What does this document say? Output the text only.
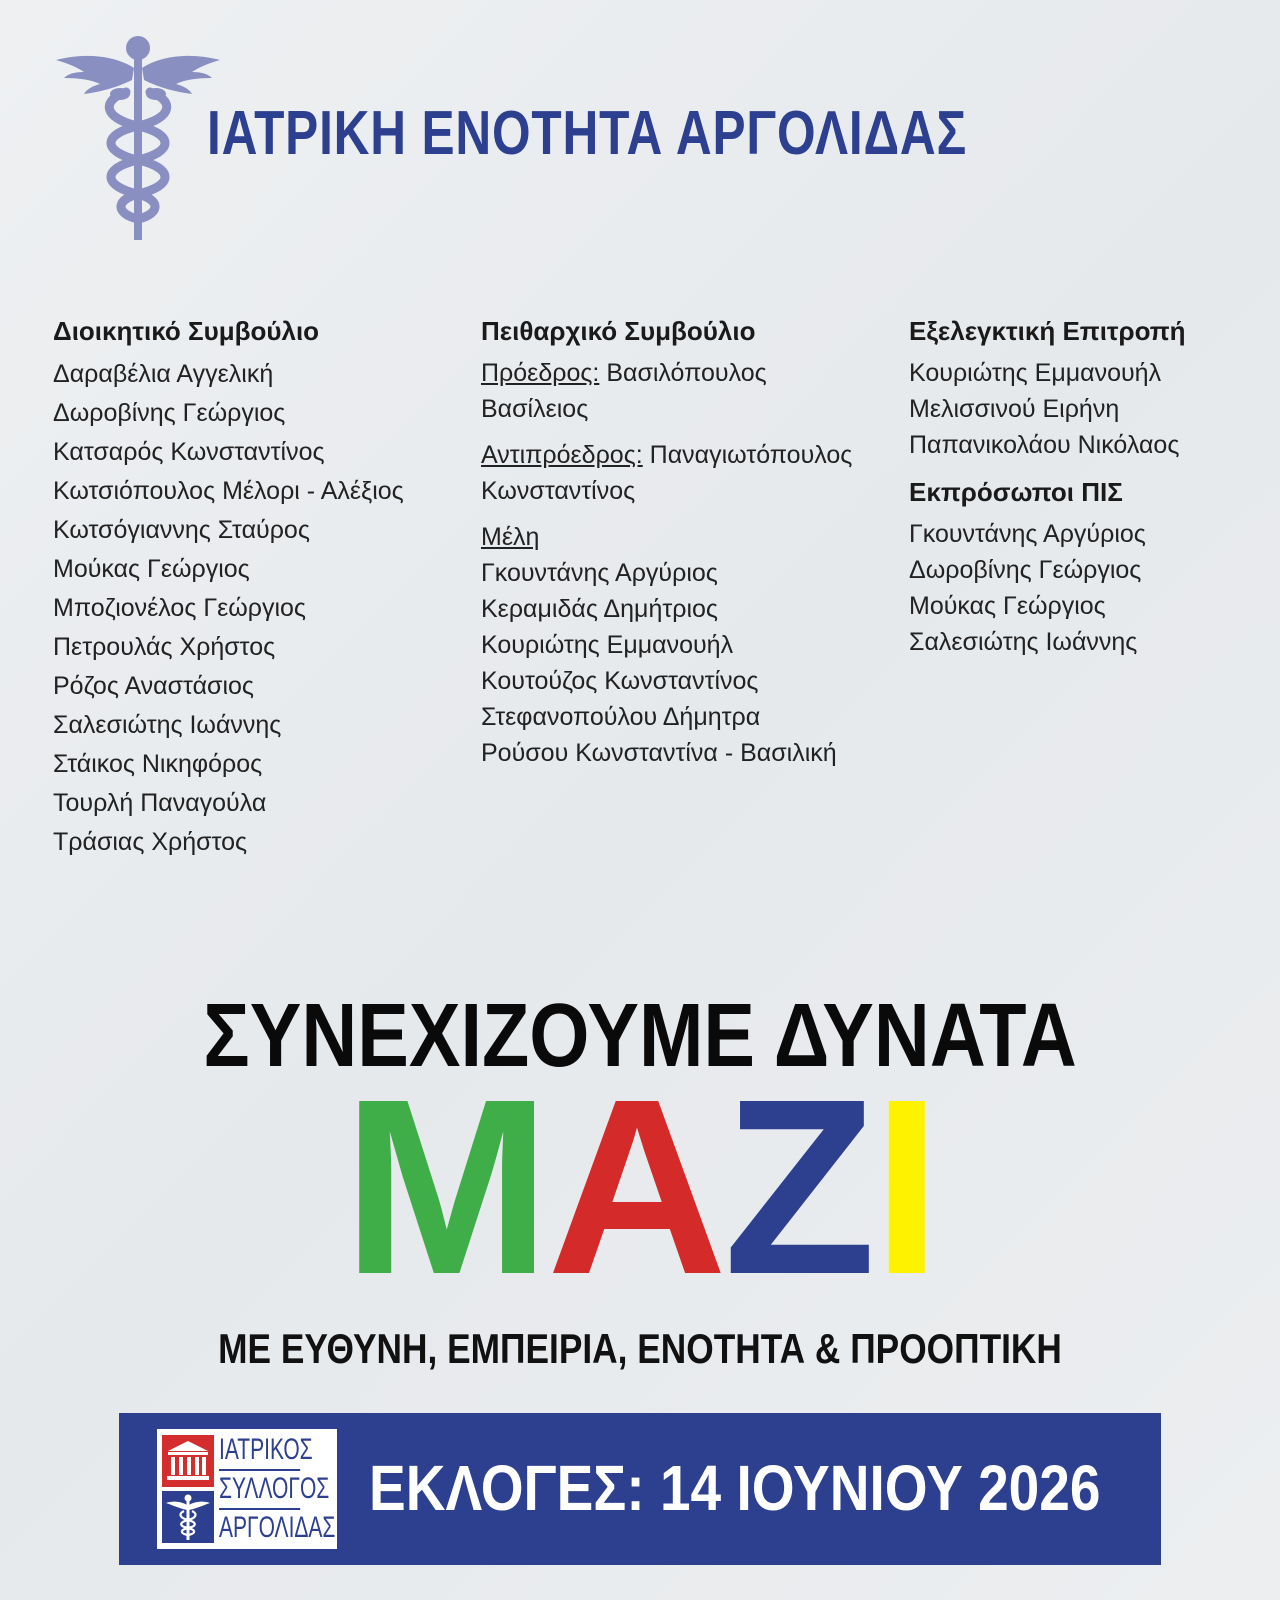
ΙΑΤΡΙΚΗ ΕΝΟΤΗΤΑ ΑΡΓΟΛΙΔΑΣ
Διοικητικό Συμβούλιο
Δαραβέλια Αγγελική
Δωροβίνης Γεώργιος
Κατσαρός Κωνσταντίνος
Κωτσιόπουλος Μέλορι - Αλέξιος
Κωτσόγιαννης Σταύρος
Μούκας Γεώργιος
Μποζιονέλος Γεώργιος
Πετρουλάς Χρήστος
Ρόζος Αναστάσιος
Σαλεσιώτης Ιωάννης
Στάικος Νικηφόρος
Τουρλή Παναγούλα
Τράσιας Χρήστος
Πειθαρχικό Συμβούλιο
Πρόεδρος: Βασιλόπουλος
Βασίλειος
Αντιπρόεδρος: Παναγιωτόπουλος
Κωνσταντίνος
Μέλη
Γκουντάνης Αργύριος
Κεραμιδάς Δημήτριος
Κουριώτης Εμμανουήλ
Κουτούζος Κωνσταντίνος
Στεφανοπούλου Δήμητρα
Ρούσου Κωνσταντίνα - Βασιλική
Εξελεγκτική Επιτροπή
Κουριώτης Εμμανουήλ
Μελισσινού Ειρήνη
Παπανικολάου Νικόλαος
Εκπρόσωποι ΠΙΣ
Γκουντάνης Αργύριος
Δωροβίνης Γεώργιος
Μούκας Γεώργιος
Σαλεσιώτης Ιωάννης
ΣΥΝΕΧΙΖΟΥΜΕ ΔΥΝΑΤΑ
MAZI
ΜΕ ΕΥΘΥΝΗ, ΕΜΠΕΙΡΙΑ, ΕΝΟΤΗΤΑ & ΠΡΟΟΠΤΙΚΗ
ΙΑΤΡΙΚΟΣ
ΣΥΛΛΟΓΟΣ
ΑΡΓΟΛΙΔΑΣ
ΕΚΛΟΓΕΣ: 14 ΙΟΥΝΙΟΥ 2026
